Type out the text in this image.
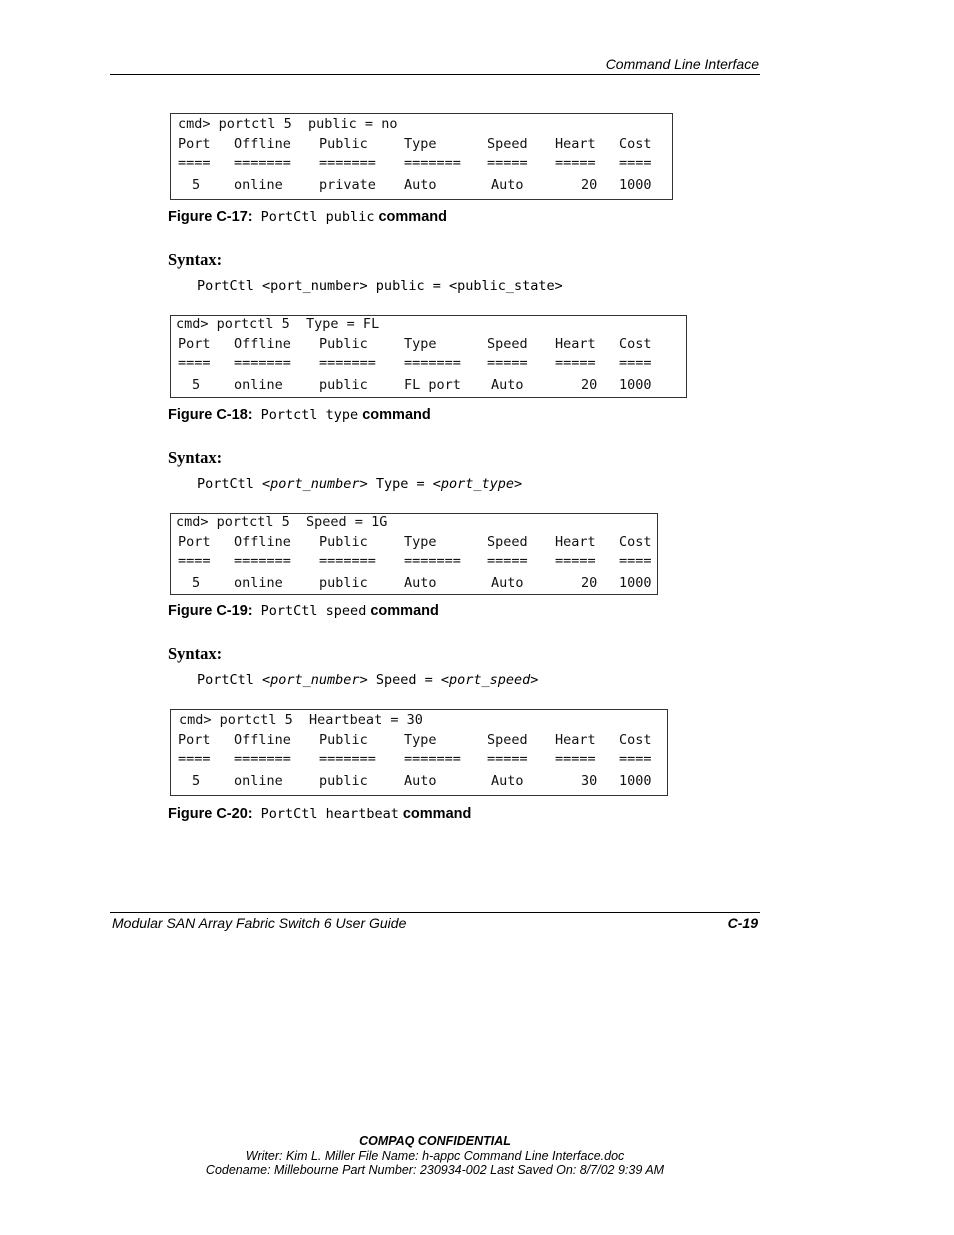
Command Line Interface
cmd> portctl 5  public = no
Port Offline Public	Type	Speed Heart Cost
==== ======= ======= ======= ===== ===== ====
5	online	private Auto	Auto	20 1000
Figure C-17: PortCtl public command
Syntax:
PortCtl <port_number> public = <public_state>
cmd> portctl 5  Type = FL
Port Offline Public	Type	Speed Heart Cost
==== ======= ======= ======= ===== ===== ====
5	online	public	FL port Auto	20 1000
Figure C-18: Portctl type command
Syntax:
PortCtl <port_number> Type = <port_type>
cmd> portctl 5  Speed = 1G
Port Offline Public	Type	Speed Heart Cost
==== ======= ======= ======= ===== ===== ====
5	online	public	Auto	Auto	20 1000
Figure C-19: PortCtl speed command
Syntax:
PortCtl <port_number> Speed = <port_speed>
cmd> portctl 5  Heartbeat = 30
Port Offline Public	Type	Speed Heart Cost
==== ======= ======= ======= ===== ===== ====
5	online	public	Auto	Auto	30 1000
Figure C-20: PortCtl heartbeat command
Modular SAN Array Fabric Switch 6 User Guide	C-19
COMPAQ CONFIDENTIAL
Writer: Kim L. Miller File Name: h-appc Command Line Interface.doc
Codename: Millebourne Part Number: 230934-002 Last Saved On: 8/7/02 9:39 AM
